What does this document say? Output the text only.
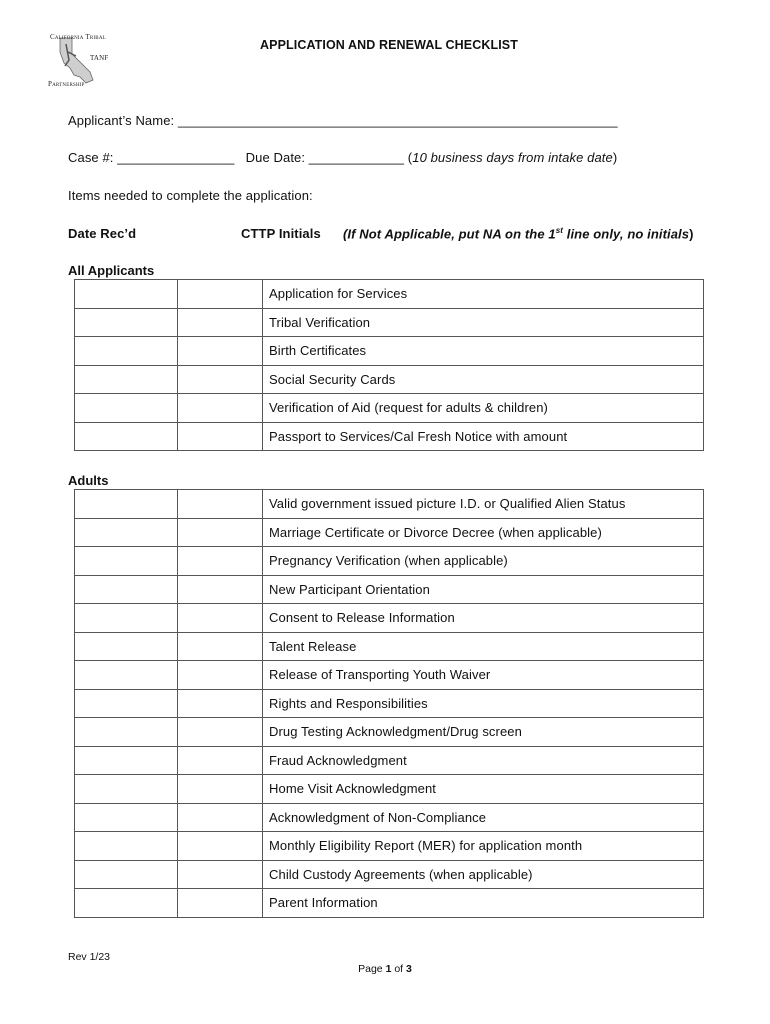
California Tribal
TANF
Partnership
APPLICATION AND RENEWAL CHECKLIST
Applicant’s Name: ____________________________________________________________
Case #: ________________   Due Date: _____________ (10 business days from intake date)
Items needed to complete the application:
Date Rec’d	CTTP Initials (If Not Applicable, put NA on the 1st line only, no initials)
All Applicants
		Application for Services
		Tribal Verification
		Birth Certificates
		Social Security Cards
		Verification of Aid (request for adults & children)
		Passport to Services/Cal Fresh Notice with amount
Adults
		Valid government issued picture I.D. or Qualified Alien Status
		Marriage Certificate or Divorce Decree (when applicable)
		Pregnancy Verification (when applicable)
		New Participant Orientation
		Consent to Release Information
		Talent Release
		Release of Transporting Youth Waiver
		Rights and Responsibilities
		Drug Testing Acknowledgment/Drug screen
		Fraud Acknowledgment
		Home Visit Acknowledgment
		Acknowledgment of Non-Compliance
		Monthly Eligibility Report (MER) for application month
		Child Custody Agreements (when applicable)
		Parent Information
Rev 1/23
Page 1 of 3
